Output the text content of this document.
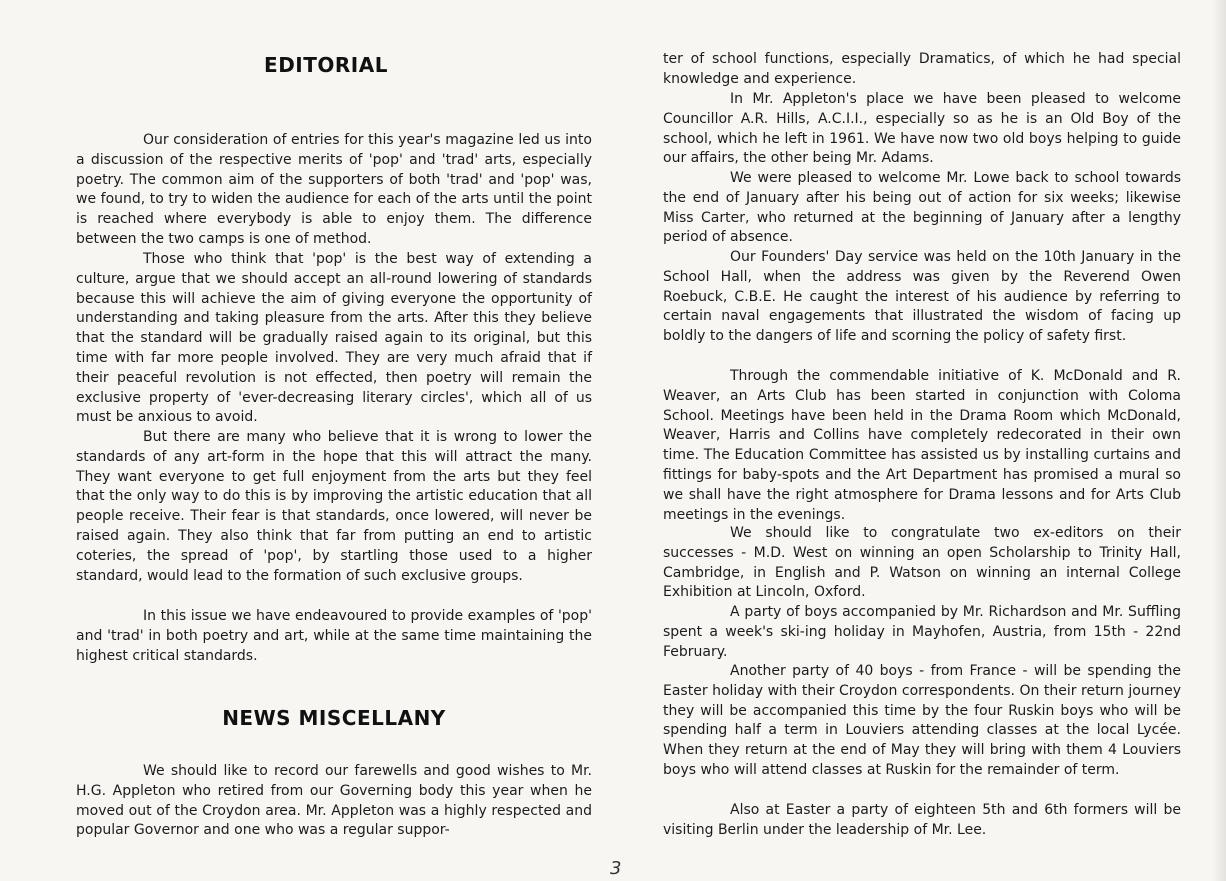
EDITORIAL

Our consideration of entries for this year's magazine led us into a discussion of the respective merits of 'pop' and 'trad' arts, especially poetry. The common aim of the supporters of both 'trad' and 'pop' was, we found, to try to widen the audience for each of the arts until the point is reached where everybody is able to enjoy them. The difference between the two camps is one of method.

Those who think that 'pop' is the best way of extending a culture, argue that we should accept an all-round lowering of standards because this will achieve the aim of giving everyone the opportunity of understanding and taking pleasure from the arts. After this they believe that the standard will be gradually raised again to its original, but this time with far more people involved. They are very much afraid that if their peaceful revolution is not effected, then poetry will remain the exclusive property of 'ever-decreasing literary circles', which all of us must be anxious to avoid.

But there are many who believe that it is wrong to lower the standards of any art-form in the hope that this will attract the many. They want everyone to get full enjoyment from the arts but they feel that the only way to do this is by improving the artistic education that all people receive. Their fear is that standards, once lowered, will never be raised again. They also think that far from putting an end to artistic coteries, the spread of 'pop', by startling those used to a higher standard, would lead to the formation of such exclusive groups.

In this issue we have endeavoured to provide examples of 'pop' and 'trad' in both poetry and art, while at the same time maintaining the highest critical standards.

NEWS MISCELLANY

We should like to record our farewells and good wishes to Mr. H.G. Appleton who retired from our Governing body this year when he moved out of the Croydon area. Mr. Appleton was a highly respected and popular Governor and one who was a regular suppor-

ter of school functions, especially Dramatics, of which he had special knowledge and experience.

In Mr. Appleton's place we have been pleased to welcome Councillor A.R. Hills, A.C.I.I., especially so as he is an Old Boy of the school, which he left in 1961. We have now two old boys helping to guide our affairs, the other being Mr. Adams.

We were pleased to welcome Mr. Lowe back to school towards the end of January after his being out of action for six weeks; likewise Miss Carter, who returned at the beginning of January after a lengthy period of absence.

Our Founders' Day service was held on the 10th January in the School Hall, when the address was given by the Reverend Owen Roebuck, C.B.E. He caught the interest of his audience by referring to certain naval engagements that illustrated the wisdom of facing up boldly to the dangers of life and scorning the policy of safety first.

Through the commendable initiative of K. McDonald and R. Weaver, an Arts Club has been started in conjunction with Coloma School. Meetings have been held in the Drama Room which McDonald, Weaver, Harris and Collins have completely redecorated in their own time. The Education Committee has assisted us by installing curtains and fittings for baby-spots and the Art Department has promised a mural so we shall have the right atmosphere for Drama lessons and for Arts Club meetings in the evenings.

We should like to congratulate two ex-editors on their successes - M.D. West on winning an open Scholarship to Trinity Hall, Cambridge, in English and P. Watson on winning an internal College Exhibition at Lincoln, Oxford.

A party of boys accompanied by Mr. Richardson and Mr. Suffling spent a week's ski-ing holiday in Mayhofen, Austria, from 15th - 22nd February.

Another party of 40 boys - from France - will be spending the Easter holiday with their Croydon correspondents. On their return journey they will be accompanied this time by the four Ruskin boys who will be spending half a term in Louviers attending classes at the local Lycée. When they return at the end of May they will bring with them 4 Louviers boys who will attend classes at Ruskin for the remainder of term.

Also at Easter a party of eighteen 5th and 6th formers will be visiting Berlin under the leadership of Mr. Lee.

3
